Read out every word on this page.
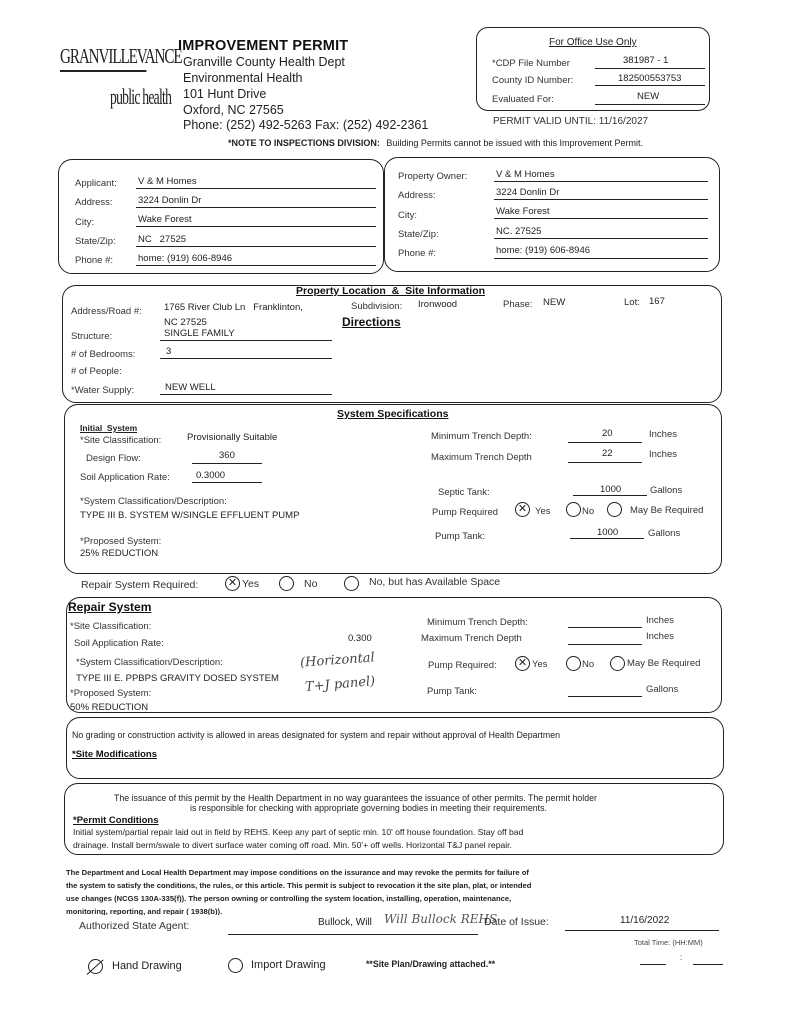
GRANVILLEVANCE
public health
IMPROVEMENT PERMIT
Granville County Health Dept
Environmental Health
101 Hunt Drive
Oxford, NC 27565
Phone: (252) 492-5263 Fax: (252) 492-2361
For Office Use Only
*CDP File Number	381987 - 1
County ID Number:	182500553753
Evaluated For:	NEW
PERMIT VALID UNTIL: 11/16/2027
*NOTE TO INSPECTIONS DIVISION: Building Permits cannot be issued with this Improvement Permit.
Applicant: V & M Homes
Address:	3224 Donlin Dr
City:	Wake Forest
State/Zip: NC   27525
Phone #:	home: (919) 606-8946
Property Owner:	V & M Homes
Address:	3224 Donlin Dr
City:	Wake Forest
State/Zip:	NC. 27525
Phone #:	home: (919) 606-8946
Property Location  &  Site Information
Address/Road #: 1765 River Club Ln   Franklinton,
NC 27525
Subdivision: Ironwood	Phase: NEW	Lot: 167
Directions
Structure:	SINGLE FAMILY
# of Bedrooms:	3
# of People:
*Water Supply:	NEW WELL
System Specifications
Initial  System
*Site Classification:	Provisionally Suitable
Design Flow:	360
Soil Application Rate:	0.3000
*System Classification/Description:
TYPE III B. SYSTEM W/SINGLE EFFLUENT PUMP
*Proposed System:
25% REDUCTION
Minimum Trench Depth:	20	Inches
Maximum Trench Depth	22	Inches
Septic Tank:	1000	Gallons
Pump Required ✕ Yes	No	May Be Required
Pump Tank:	1000	Gallons
Repair System Required:	✕ Yes	No	No, but has Available Space
Repair System
*Site Classification:
Soil Application Rate:	0.300
*System Classification/Description:
TYPE III E. PPBPS GRAVITY DOSED SYSTEM
(Horizontal
T+J panel)
*Proposed System:
50% REDUCTION
Minimum Trench Depth:	Inches
Maximum Trench Depth	Inches
Pump Required: ✕ Yes	No	May Be Required
Pump Tank:	Gallons
No grading or construction activity is allowed in areas designated for system and repair without approval of Health Departmen
*Site Modifications
The issuance of this permit by the Health Department in no way guarantees the issuance of other permits. The permit holder
is responsible for checking with appropriate governing bodies in meeting their requirements.
*Permit Conditions
Initial system/partial repair laid out in field by REHS. Keep any part of septic min. 10' off house foundation. Stay off bad
drainage. Install berm/swale to divert surface water coming off road. Min. 50'+ off wells. Horizontal T&J panel repair.
The Department and Local Health Department may impose conditions on the issurance and may revoke the permits for failure of
the system to satisfy the conditions, the rules, or this article. This permit is subject to revocation it the site plan, plat, or intended
use changes (NCGS 130A-335(f)). The person owning or controlling the system location, installing, operation, maintenance,
monitoring, reporting, and repair ( 1938(b)).
Authorized State Agent:	Bullock, Will Will Bullock REHS
Date of Issue:	11/16/2022
Total Time: (HH:MM)
:
Hand Drawing	Import Drawing	**Site Plan/Drawing attached.**
